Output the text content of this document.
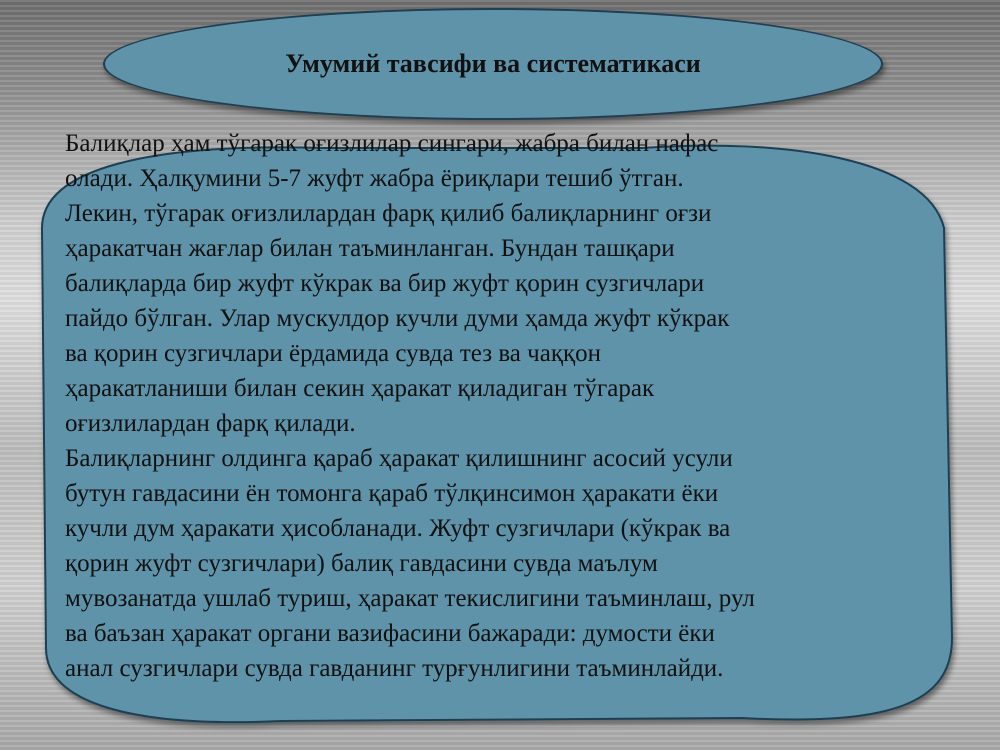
Балиқлар ҳам тўгарак оғизлилар сингари, жабра билан нафас
олади. Ҳалқумини 5-7 жуфт жабра ёриқлари тешиб ўтган.
Лекин, тўгарак оғизлилардан фарқ қилиб балиқларнинг оғзи
ҳаракатчан жағлар билан таъминланган. Бундан ташқари
балиқларда бир жуфт кўкрак ва бир жуфт қорин сузгичлари
пайдо бўлган. Улар мускулдор кучли думи ҳамда жуфт кўкрак
ва қорин сузгичлари ёрдамида сувда тез ва чаққон
ҳаракатланиши билан секин ҳаракат қиладиган тўгарак
оғизлилардан фарқ қилади.
Балиқларнинг олдинга қараб ҳаракат қилишнинг асосий усули
бутун гавдасини ён томонга қараб тўлқинсимон ҳаракати ёки
кучли дум ҳаракати ҳисобланади. Жуфт сузгичлари (кўкрак ва
қорин жуфт сузгичлари) балиқ гавдасини сувда маълум
мувозанатда ушлаб туриш, ҳаракат текислигини таъминлаш, рул
ва баъзан ҳаракат органи вазифасини бажаради: думости ёки
анал сузгичлари сувда гавданинг турғунлигини таъминлайди.

Умумий тавсифи ва систематикаси
